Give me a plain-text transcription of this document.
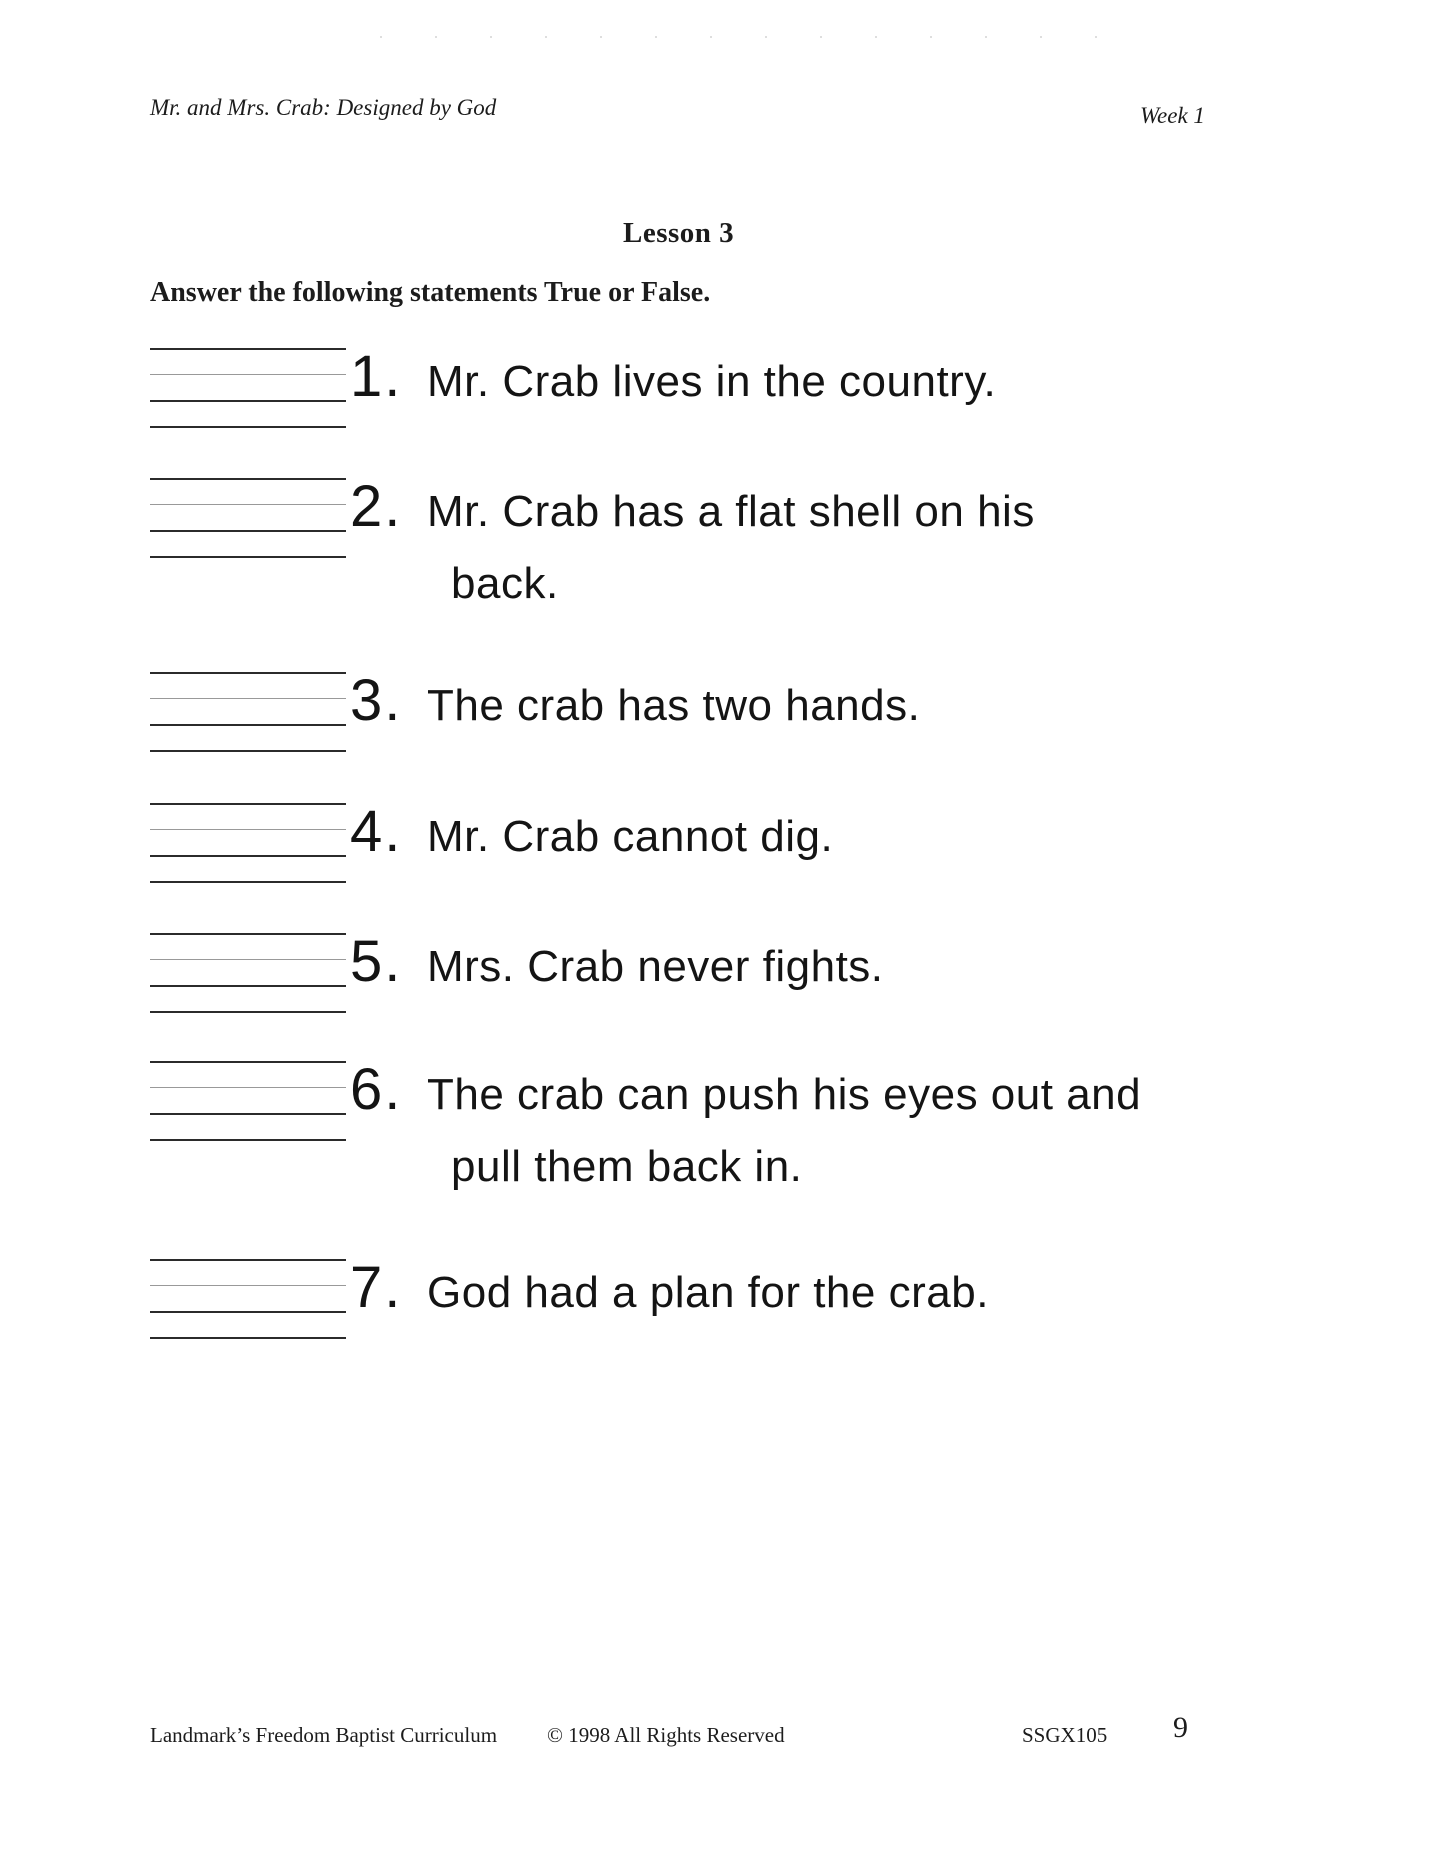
Mr. and Mrs. Crab: Designed by God	Week 1
Lesson 3
Answer the following statements True or False.
1. Mr. Crab lives in the country.
2. Mr. Crab has a flat shell on his
back.
3. The crab has two hands.
4. Mr. Crab cannot dig.
5. Mrs. Crab never fights.
6. The crab can push his eyes out and
pull them back in.
7. God had a plan for the crab.
Landmark’s Freedom Baptist Curriculum © 1998 All Rights Reserved	SSGX105 9
